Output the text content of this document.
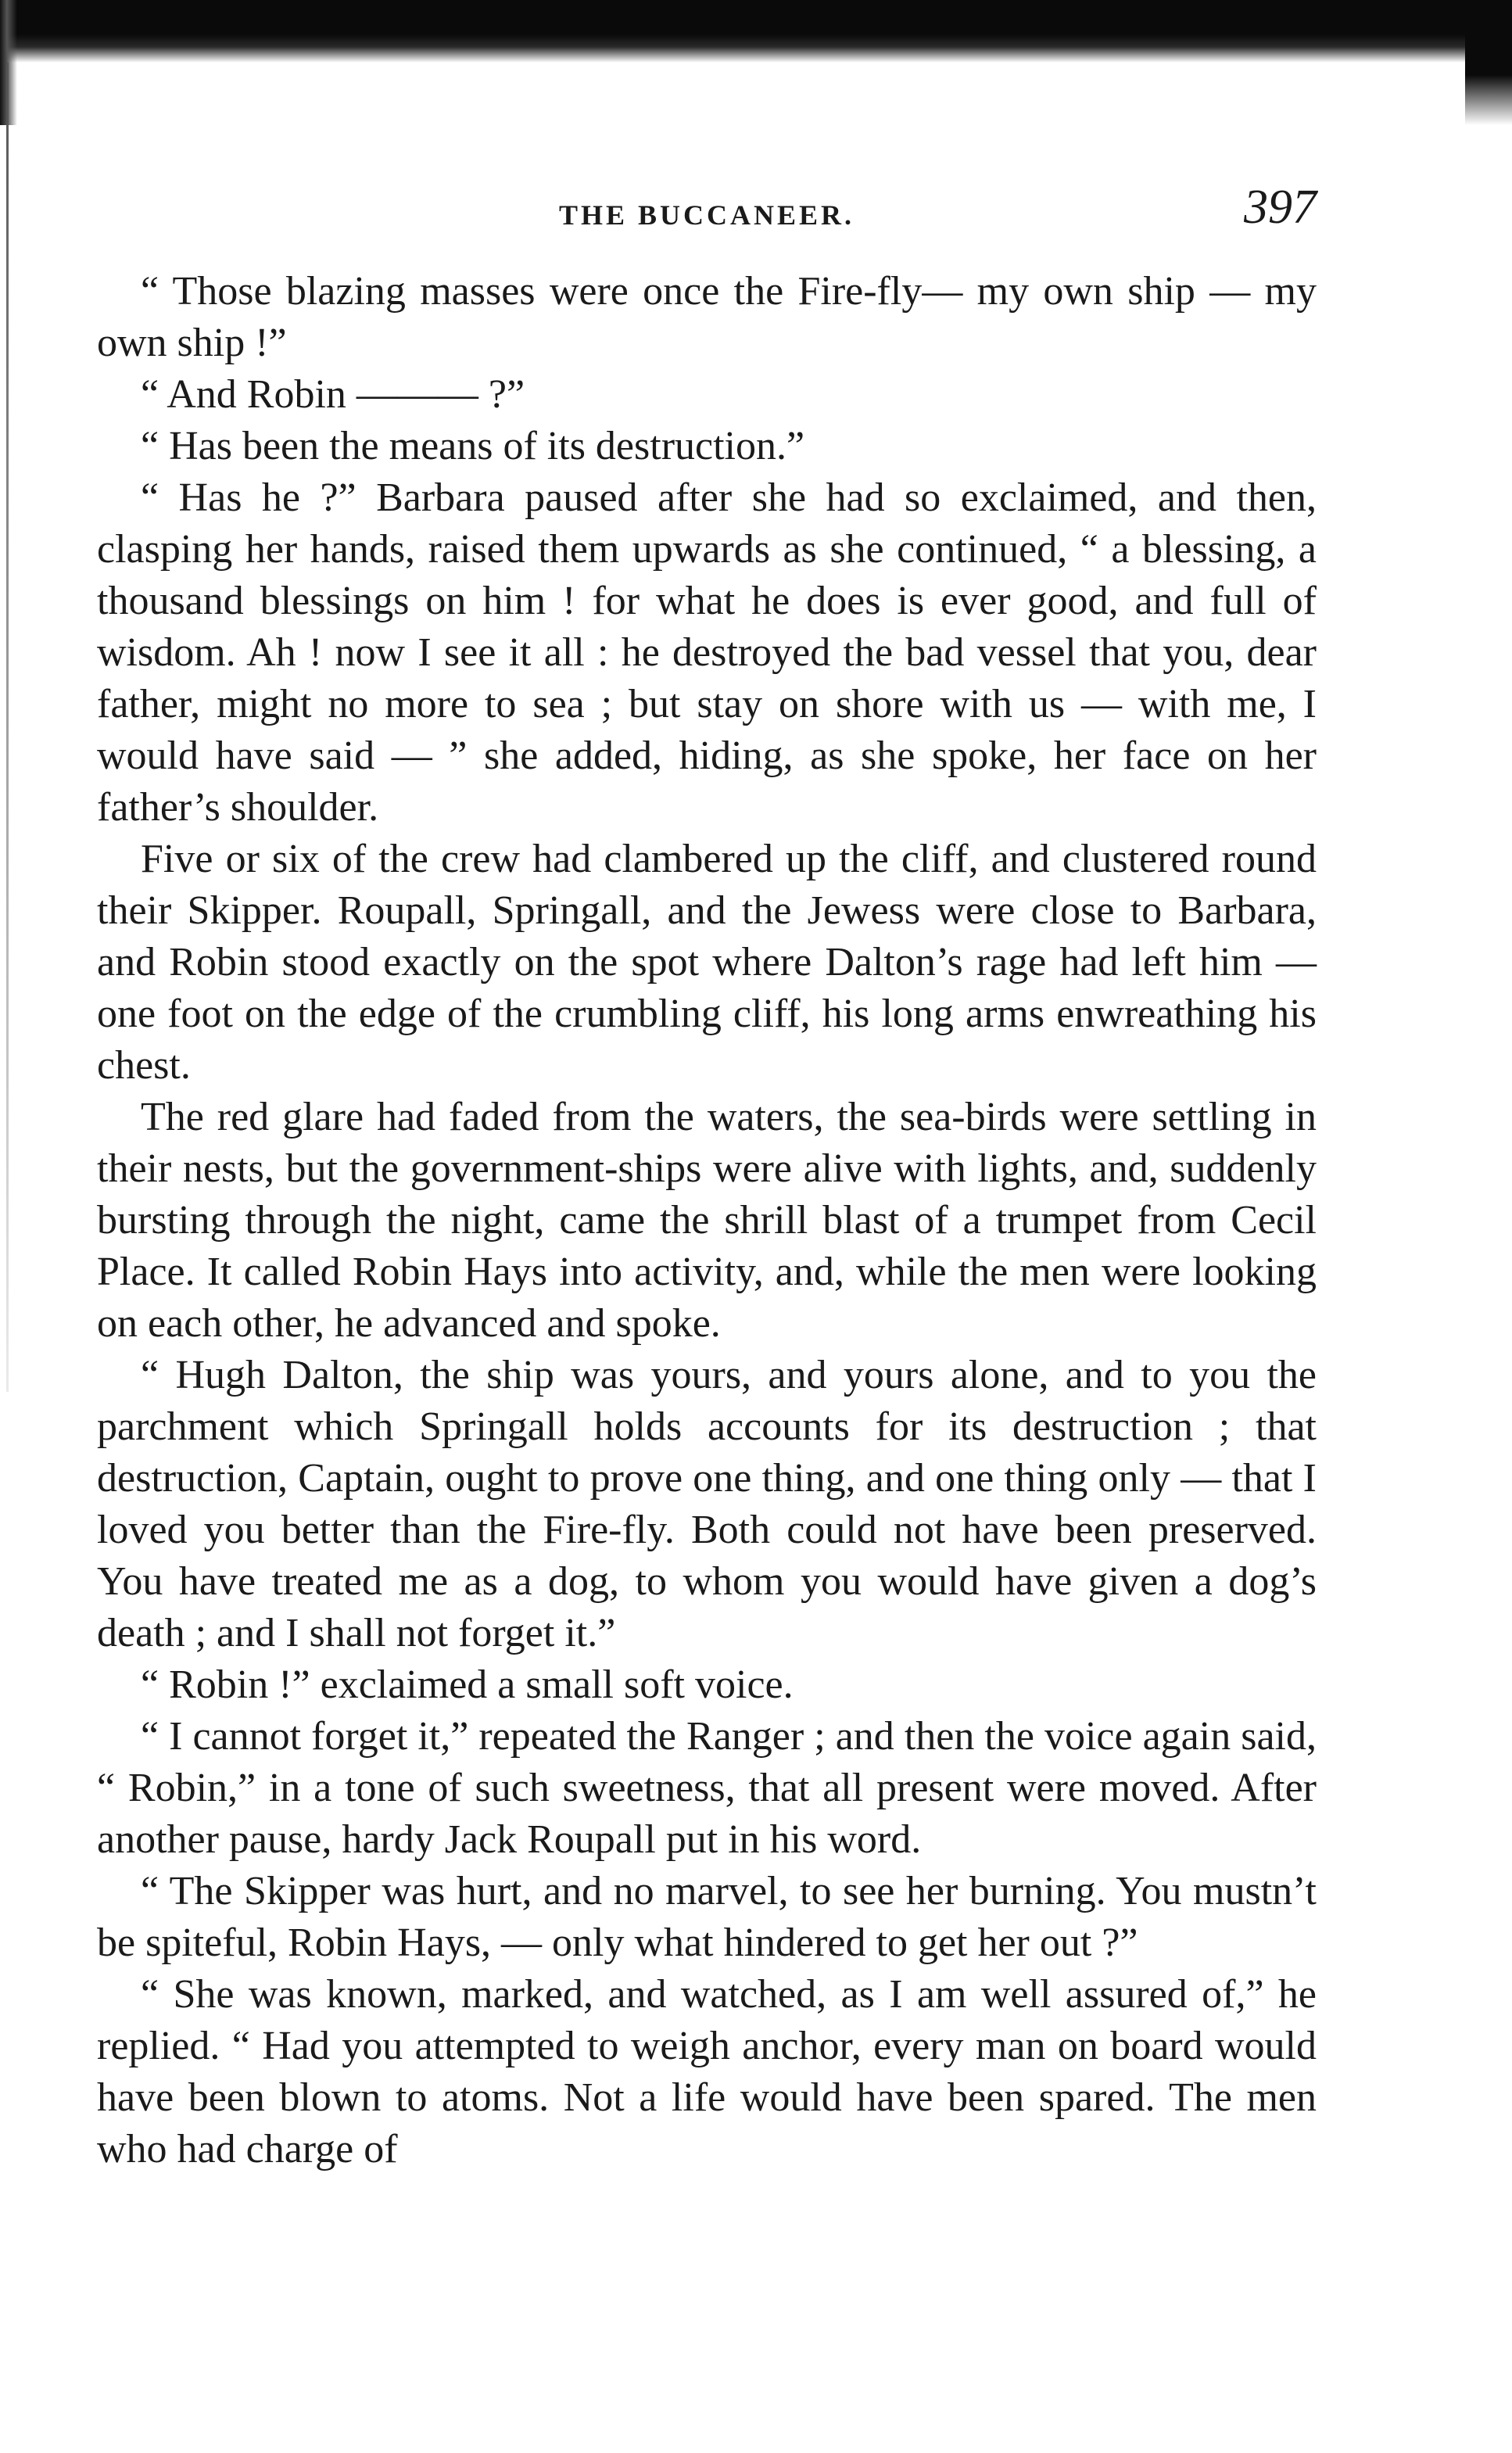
THE BUCCANEER.	397

“ Those blazing masses were once the Fire-fly— my own ship — my own ship !”

“ And Robin ——— ?”

“ Has been the means of its destruction.”

“ Has he ?” Barbara paused after she had so exclaimed, and then, clasping her hands, raised them upwards as she continued, “ a blessing, a thousand blessings on him ! for what he does is ever good, and full of wisdom. Ah ! now I see it all : he destroyed the bad vessel that you, dear father, might no more to sea ; but stay on shore with us — with me, I would have said — ” she added, hiding, as she spoke, her face on her father’s shoulder.

Five or six of the crew had clambered up the cliff, and clustered round their Skipper. Roupall, Springall, and the Jewess were close to Barbara, and Robin stood exactly on the spot where Dalton’s rage had left him — one foot on the edge of the crumbling cliff, his long arms enwreathing his chest.

The red glare had faded from the waters, the sea-birds were settling in their nests, but the government-ships were alive with lights, and, suddenly bursting through the night, came the shrill blast of a trumpet from Cecil Place. It called Robin Hays into activity, and, while the men were looking on each other, he advanced and spoke.

“ Hugh Dalton, the ship was yours, and yours alone, and to you the parchment which Springall holds accounts for its destruction ; that destruction, Captain, ought to prove one thing, and one thing only — that I loved you better than the Fire-fly. Both could not have been preserved. You have treated me as a dog, to whom you would have given a dog’s death ; and I shall not forget it.”

“ Robin !” exclaimed a small soft voice.

“ I cannot forget it,” repeated the Ranger ; and then the voice again said, “ Robin,” in a tone of such sweetness, that all present were moved. After another pause, hardy Jack Roupall put in his word.

“ The Skipper was hurt, and no marvel, to see her burning. You mustn’t be spiteful, Robin Hays, — only what hindered to get her out ?”

“ She was known, marked, and watched, as I am well assured of,” he replied. “ Had you attempted to weigh anchor, every man on board would have been blown to atoms. Not a life would have been spared. The men who had charge of
